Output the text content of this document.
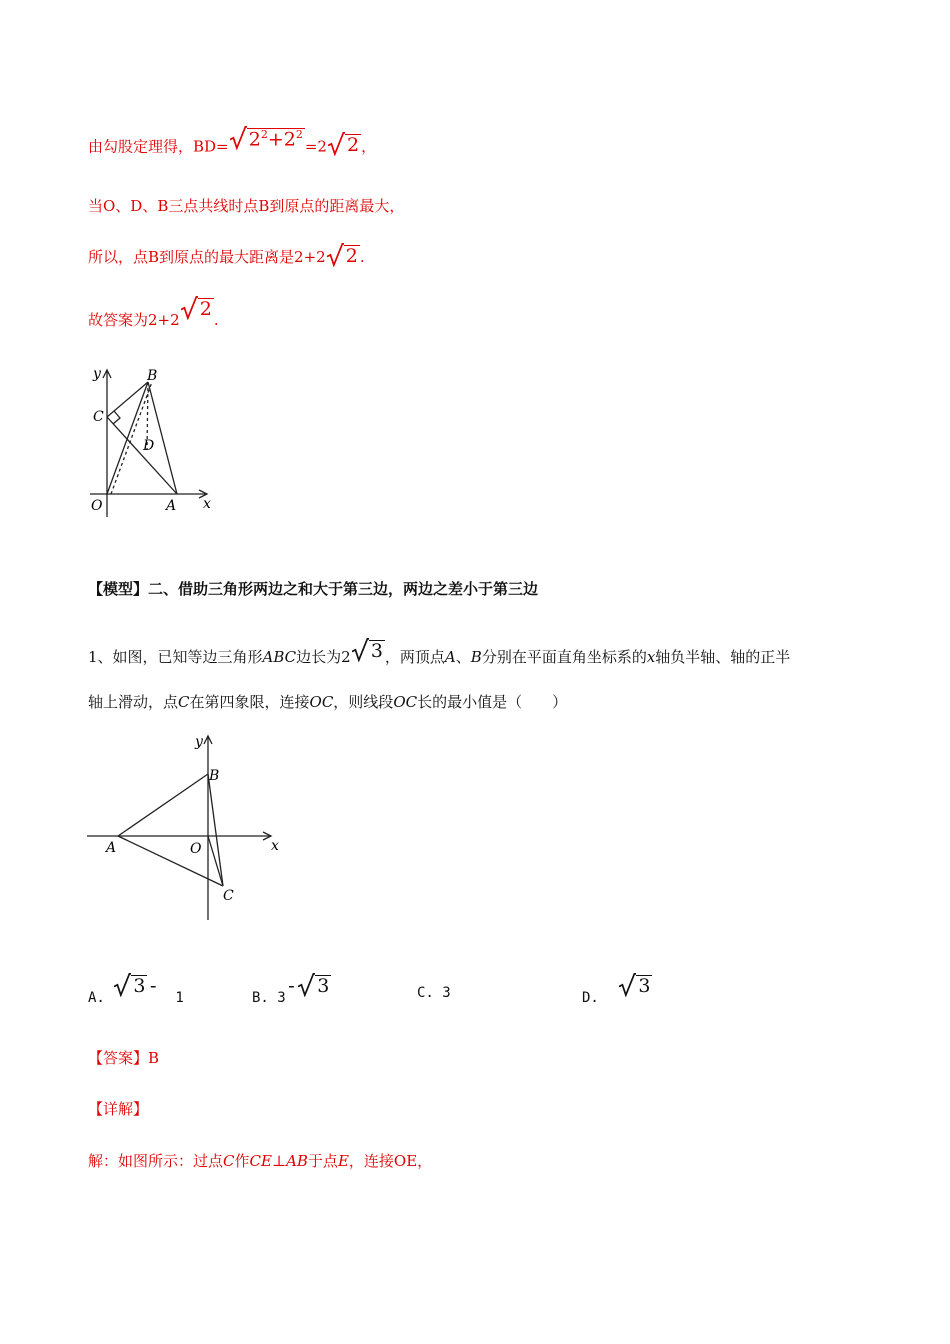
由勾股定理得，$BD= 2^2+2^2=2$ 2 ，
当O、D、B三点共线时点B到原点的距离最大，
所以，点B到原点的最大距离是2+2 2 .
故答案为2+2 2 .
y	B
C
D
O	A x
【模型】二、借助三角形两边之和大于第三边，两边之差小于第三边
1、如图，已知等边三角形ABC边长为2 3 ，两顶点A、B分别在平面直角坐标系的x轴负半轴、轴的正半
轴上滑动，点C在第四象限，连接OC，则线段OC长的最小值是（　　）
y
B
A	O	x
C
A.
3 - 1	B. 3- 3	C. 3	D.
3
【答案】B
【详解】
解：如图所示：过点C作CE⊥AB于点E，连接OE，
